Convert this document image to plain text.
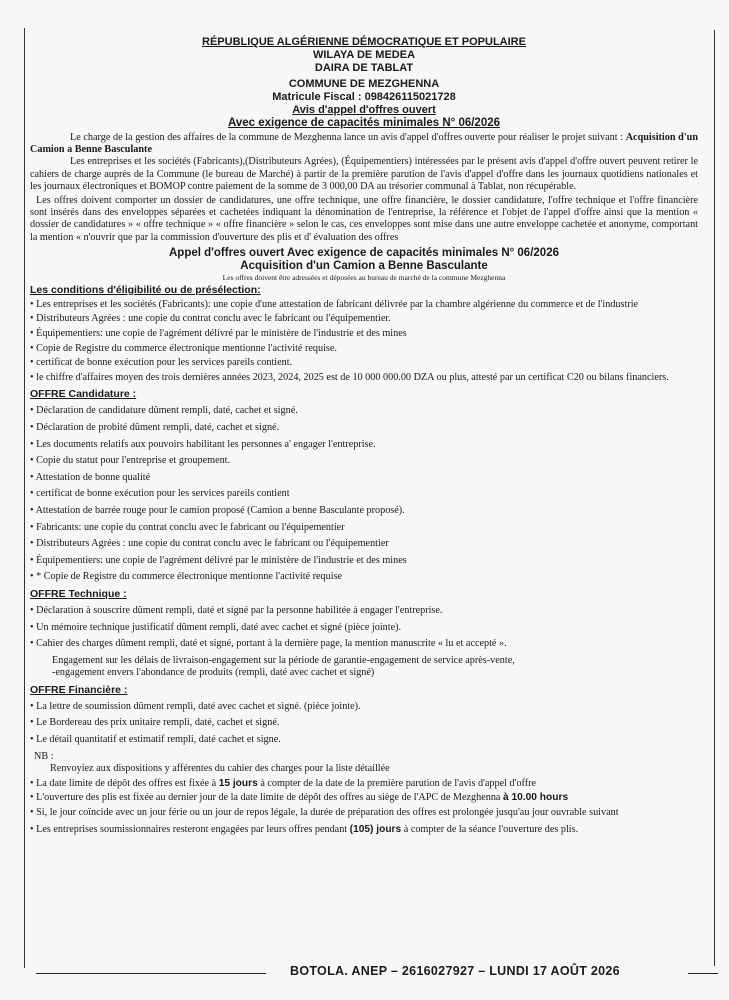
RÉPUBLIQUE ALGÉRIENNE DÉMOCRATIQUE ET POPULAIRE
WILAYA DE MEDEA
DAIRA DE TABLAT
COMMUNE DE MEZGHENNA
Matricule Fiscal : 098426115021728
Avis d'appel d'offres ouvert
Avec exigence de capacités minimales N° 06/2026
Le charge de la gestion des affaires de la commune de Mezghenna lance un avis d'appel d'offres ouverte pour réaliser le projet suivant : Acquisition d'un Camion a Benne Basculante
Les entreprises et les sociétés (Fabricants),(Distributeurs Agrées), (Équipementiers) intéressées par le présent avis d'appel d'offre ouvert peuvent retirer le cahiers de charge auprès de la Commune (le bureau de Marché) à partir de la première parution de l'avis d'appel d'offre dans les journaux quotidiens nationales et les journaux électroniques et BOMOP contre paiement de la somme de 3 000,00 DA au trésorier communal à Tablat, non récupérable.
Les offres doivent comporter un dossier de candidatures, une offre technique, une offre financière, le dossier candidature, l'offre technique et l'offre financière sont insérés dans des enveloppes séparées et cachetées indiquant la dénomination de l'entreprise, la référence et l'objet de l'appel d'offre ainsi que la mention « dossier de candidatures » « offre technique » « offre financière » selon le cas, ces enveloppes sont mise dans une autre enveloppe cachetée et anonyme, comportant la mention « n'ouvrir que par la commission d'ouverture des plis et d' évaluation des offres
Appel d'offres ouvert Avec exigence de capacités minimales N° 06/2026
Acquisition d'un Camion a Benne Basculante
Les offres doivent être adressées et déposées au bureau de marché de la commune Mezghenna
Les conditions d'éligibilité ou de présélection:
• Les entreprises et les sociétés (Fabricants): une copie d'une attestation de fabricant délivrée par la chambre algérienne du commerce et de l'industrie
• Distributeurs Agrées : une copie du contrat conclu avec le fabricant ou l'équipementier.
• Équipementiers: une copie de l'agrément délivré par le ministère de l'industrie et des mines
• Copie de Registre du commerce électronique mentionne l'activité requise.
• certificat de bonne exécution pour les services pareils contient.
• le chiffre d'affaires moyen des trois dernières années 2023, 2024, 2025 est de 10 000 000.00 DZA ou plus, attesté par un certificat C20 ou bilans financiers.
OFFRE Candidature :
• Déclaration de candidature dûment rempli, daté, cachet et signé.
• Déclaration de probité dûment rempli, daté, cachet et signé.
• Les documents relatifs aux pouvoirs habilitant les personnes a' engager l'entreprise.
• Copie du statut pour l'entreprise et groupement.
• Attestation de bonne qualité
• certificat de bonne exécution pour les services pareils contient
• Attestation de barrée rouge pour le camion proposé (Camion a benne Basculante proposé).
• Fabricants: une copie du contrat conclu avec le fabricant ou l'équipementier
• Distributeurs Agrées : une copie du contrat conclu avec le fabricant ou l'équipementier
• Équipementiers: une copie de l'agrément délivré par le ministère de l'industrie et des mines
• * Copie de Registre du commerce électronique mentionne l'activité requise
OFFRE Technique :
• Déclaration à souscrire dûment rempli, daté et signé par la personne habilitée à engager l'entreprise.
• Un mémoire technique justificatif dûment rempli, daté avec cachet et signé (pièce jointe).
• Cahier des charges dûment rempli, daté et signé, portant à la dernière page, la mention manuscrite « lu et accepté ».
Engagement sur les délais de livraison-engagement sur la période de garantie-engagement de service après-vente,
-engagement envers l'abondance de produits (rempli, daté avec cachet et signé)
OFFRE Financière :
• La lettre de soumission dûment rempli, daté avec cachet et signé. (pièce jointe).
• Le Bordereau des prix unitaire rempli, daté, cachet et signé.
• Le détail quantitatif et estimatif rempli, daté cachet et signe.
NB :
Renvoyiez aux dispositions y afférentes du cahier des charges pour la liste détaillée
• La date limite de dépôt des offres est fixée à 15 jours à compter de la date de la première parution de l'avis d'appel d'offre
• L'ouverture des plis est fixée au dernier jour de la date limite de dépôt des offres au siège de l'APC de Mezghenna à 10.00 hours
• Si, le jour coïncide avec un jour férie ou un jour de repos légale, la durée de préparation des offres est prolongée jusqu'au jour ouvrable suivant
• Les entreprises soumissionnaires resteront engagées par leurs offres pendant (105) jours à compter de la séance l'ouverture des plis.
BOTOLA. ANEP – 2616027927 – LUNDI 17 AOÛT 2026
